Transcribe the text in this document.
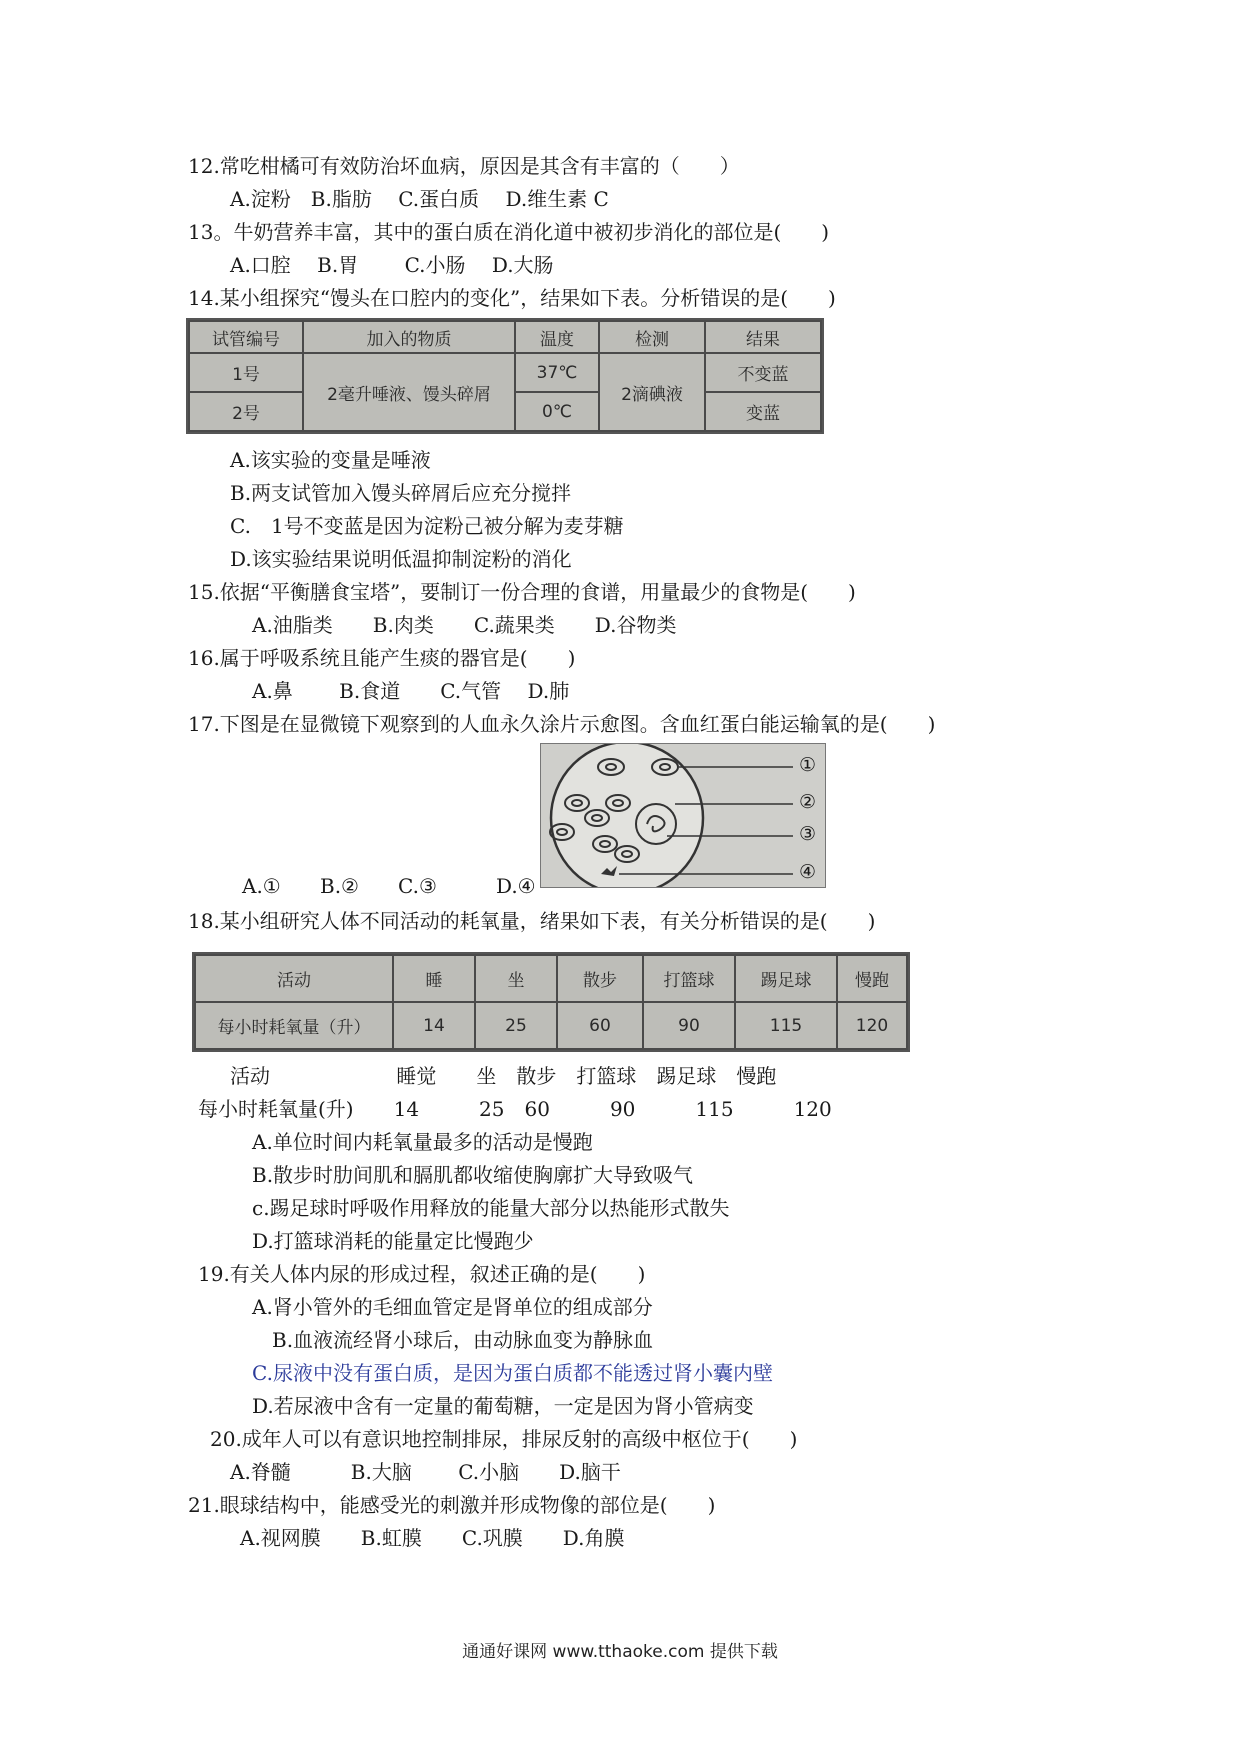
12.常吃柑橘可有效防治坏血病，原因是其含有丰富的（　　）
A.淀粉　B.脂肪　 C.蛋白质　 D.维生素 C
13。牛奶营养丰富，其中的蛋白质在消化道中被初步消化的部位是(　　)
A.口腔　 B.胃　　 C.小肠　 D.大肠
14.某小组探究“馒头在口腔内的变化”，结果如下表。分析错误的是(　　)
试管编号	加入的物质	温度	检测	结果
1号	2毫升唾液、馒头碎屑	37℃	2滴碘液	不变蓝
2号		0℃		变蓝
A.该实验的变量是唾液
B.两支试管加入馒头碎屑后应充分搅拌
C.　1号不变蓝是因为淀粉己被分解为麦芽糖
D.该实验结果说明低温抑制淀粉的消化
15.依据“平衡膳食宝塔”，要制订一份合理的食谱，用量最少的食物是(　　)
A.油脂类　　B.肉类　　C.蔬果类　　D.谷物类
16.属于呼吸系统且能产生痰的器官是(　　)
A.鼻　　 B.食道　　C.气管　 D.肺
17.下图是在显微镜下观察到的人血永久涂片示愈图。含血红蛋白能运输氧的是(　　)
①
②
③
④
A.① B.② C.③	D.④
18.某小组研究人体不同活动的耗氧量，绪果如下表，有关分析错误的是(　　)
活动	睡	坐	散步	打篮球	踢足球	慢跑
每小时耗氧量（升）	14	25	60	90	115	120
活动　　　　　　 睡觉　　坐　散步　打篮球　踢足球　慢跑
每小时耗氧量(升)　　14　　　25　60　　　90　　　115　　　120
A.单位时间内耗氧量最多的活动是慢跑
B.散步时肋间肌和膈肌都收缩使胸廓扩大导致吸气
c.踢足球时呼吸作用释放的能量大部分以热能形式散失
D.打篮球消耗的能量定比慢跑少
19.有关人体内尿的形成过程，叙述正确的是(　　)
A.肾小管外的毛细血管定是肾单位的组成部分
B.血液流经肾小球后，由动脉血变为静脉血
C.尿液中没有蛋白质，是因为蛋白质都不能透过肾小囊内壁
D.若尿液中含有一定量的葡萄糖，一定是因为肾小管病变
20.成年人可以有意识地控制排尿，排尿反射的高级中枢位于(　　)
A.脊髓　　　B.大脑　　 C.小脑　　D.脑干
21.眼球结构中，能感受光的刺激并形成物像的部位是(　　)
A.视网膜　　B.虹膜　　C.巩膜　　D.角膜
通通好课网 www.tthaoke.com 提供下载
